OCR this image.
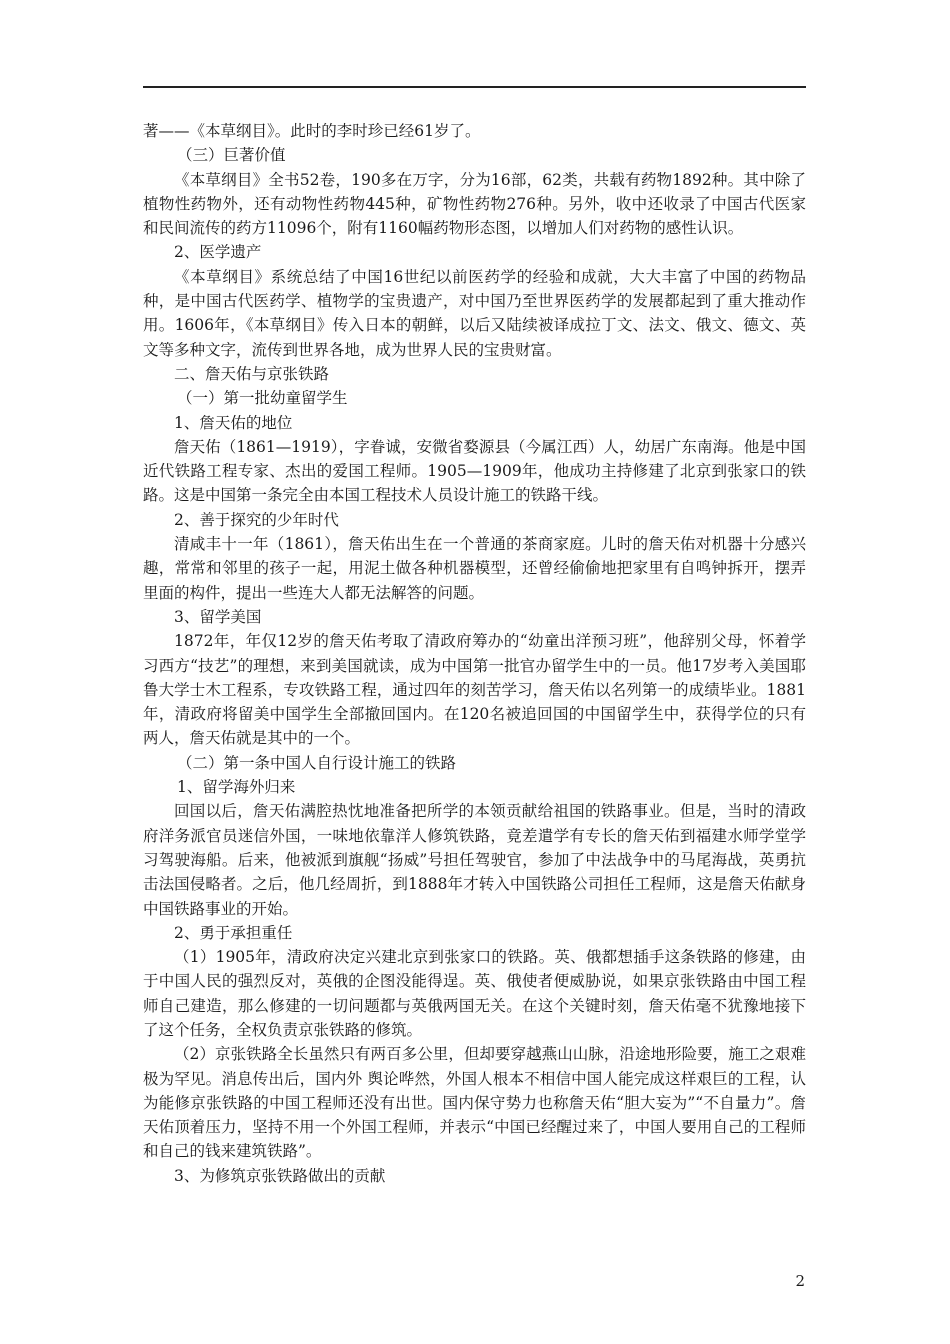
著——《本草纲目》。此时的李时珍已经61岁了。

（三）巨著价值

《本草纲目》全书52卷，190多在万字，分为16部，62类，共载有药物1892种。其中除了植物性药物外，还有动物性药物445种，矿物性药物276种。另外，收中还收录了中国古代医家和民间流传的药方11096个，附有1160幅药物形态图，以增加人们对药物的感性认识。

2、医学遗产

《本草纲目》系统总结了中国16世纪以前医药学的经验和成就，大大丰富了中国的药物品种，是中国古代医药学、植物学的宝贵遗产，对中国乃至世界医药学的发展都起到了重大推动作用。1606年，《本草纲目》传入日本的朝鲜，以后又陆续被译成拉丁文、法文、俄文、德文、英文等多种文字，流传到世界各地，成为世界人民的宝贵财富。

二、詹天佑与京张铁路

（一）第一批幼童留学生

1、詹天佑的地位

詹天佑（1861—1919），字眷诚，安微省婺源县（今属江西）人，幼居广东南海。他是中国近代铁路工程专家、杰出的爱国工程师。1905—1909年，他成功主持修建了北京到张家口的铁路。这是中国第一条完全由本国工程技术人员设计施工的铁路干线。

2、善于探究的少年时代

清咸丰十一年（1861），詹天佑出生在一个普通的茶商家庭。儿时的詹天佑对机器十分感兴趣，常常和邻里的孩子一起，用泥土做各种机器模型，还曾经偷偷地把家里有自鸣钟拆开，摆弄里面的构件，提出一些连大人都无法解答的问题。

3、留学美国

1872年，年仅12岁的詹天佑考取了清政府筹办的“幼童出洋预习班”，他辞别父母，怀着学习西方“技艺”的理想，来到美国就读，成为中国第一批官办留学生中的一员。他17岁考入美国耶鲁大学士木工程系，专攻铁路工程，通过四年的刻苦学习，詹天佑以名列第一的成绩毕业。1881年，清政府将留美中国学生全部撤回国内。在120名被追回国的中国留学生中，获得学位的只有两人，詹天佑就是其中的一个。

（二）第一条中国人自行设计施工的铁路

1、留学海外归来

回国以后，詹天佑满腔热忱地准备把所学的本领贡献给祖国的铁路事业。但是，当时的清政府洋务派官员迷信外国，一味地依靠洋人修筑铁路，竟差遣学有专长的詹天佑到福建水师学堂学习驾驶海船。后来，他被派到旗舰“扬威”号担任驾驶官，参加了中法战争中的马尾海战，英勇抗击法国侵略者。之后，他几经周折，到1888年才转入中国铁路公司担任工程师，这是詹天佑献身中国铁路事业的开始。

2、勇于承担重任

（1）1905年，清政府决定兴建北京到张家口的铁路。英、俄都想插手这条铁路的修建，由于中国人民的强烈反对，英俄的企图没能得逞。英、俄使者便威胁说，如果京张铁路由中国工程师自己建造，那么修建的一切问题都与英俄两国无关。在这个关键时刻，詹天佑毫不犹豫地接下了这个任务，全权负责京张铁路的修筑。

（2）京张铁路全长虽然只有两百多公里，但却要穿越燕山山脉，沿途地形险要，施工之艰难极为罕见。消息传出后，国内外 舆论哗然，外国人根本不相信中国人能完成这样艰巨的工程，认为能修京张铁路的中国工程师还没有出世。国内保守势力也称詹天佑“胆大妄为”“不自量力”。詹天佑顶着压力，坚持不用一个外国工程师，并表示“中国已经醒过来了，中国人要用自己的工程师和自己的钱来建筑铁路”。

3、为修筑京张铁路做出的贡献

2
